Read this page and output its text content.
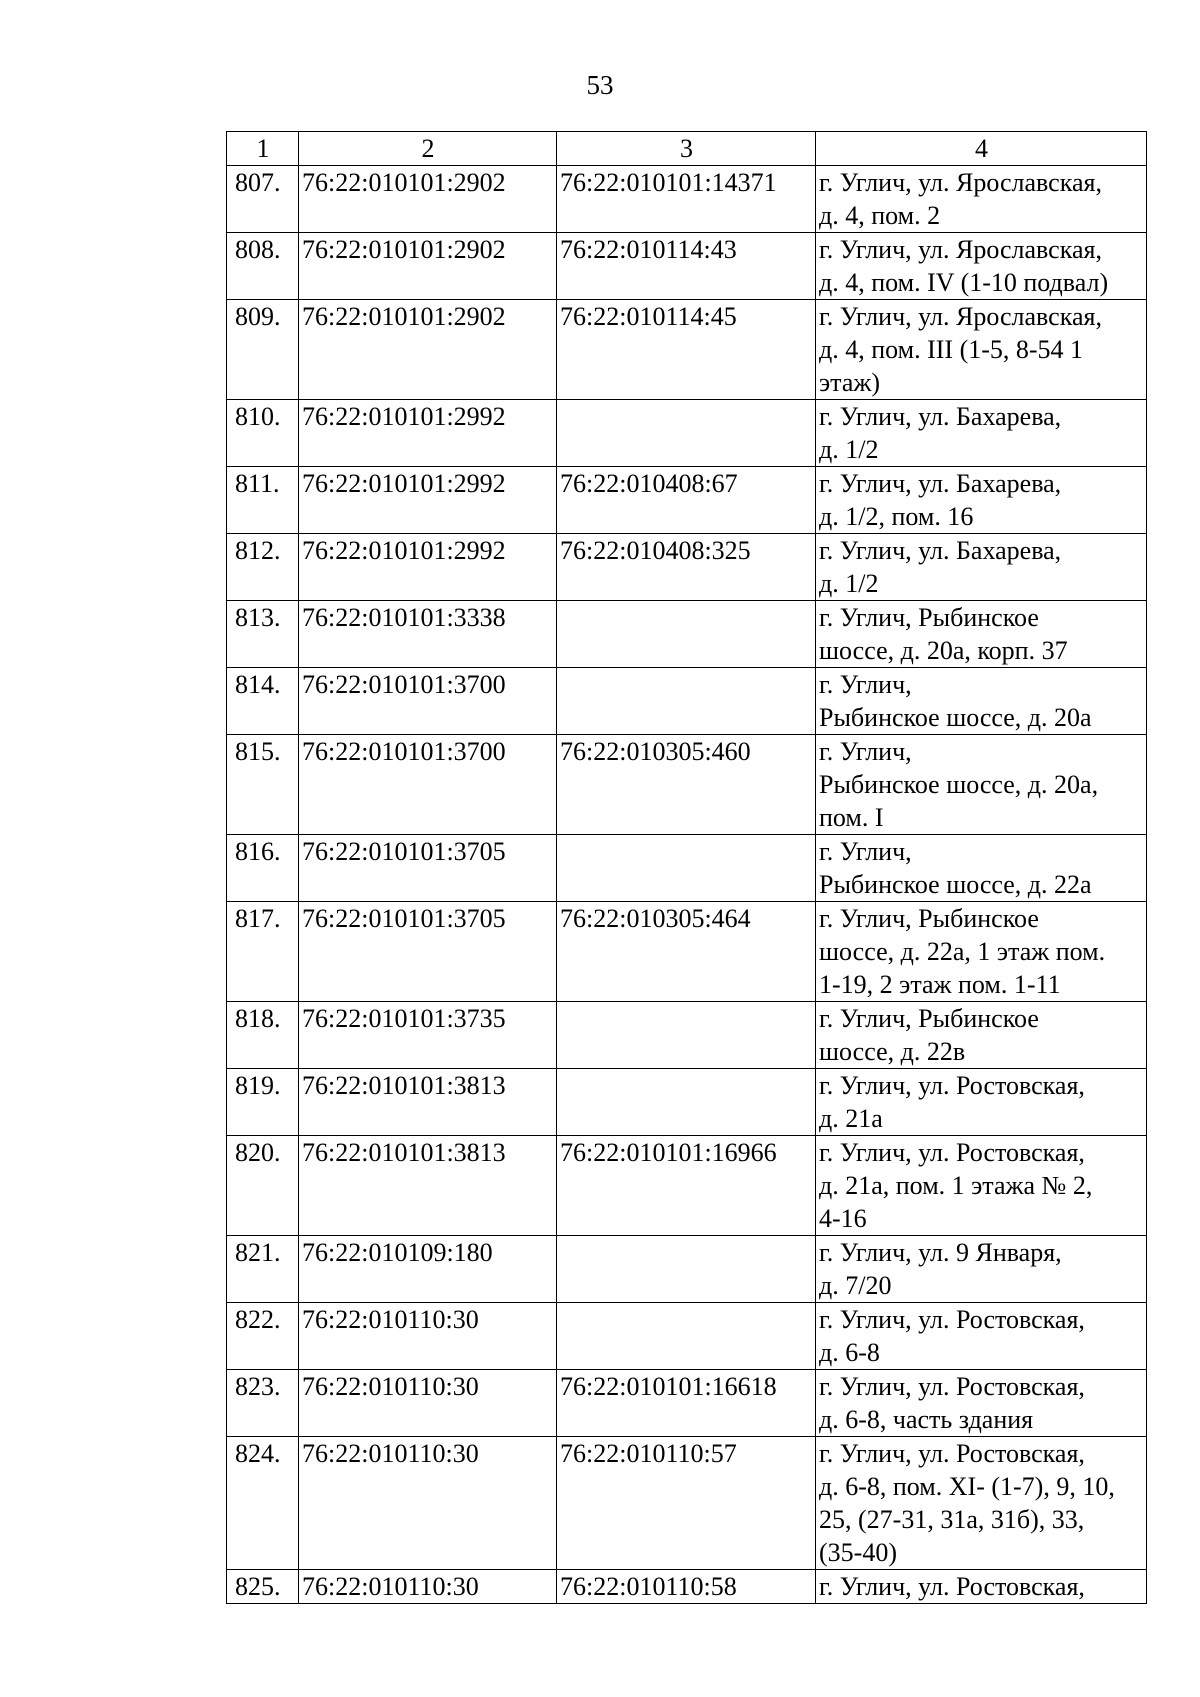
53
1	2	3	4
807.	76:22:010101:2902	76:22:010101:14371	г. Углич, ул. Ярославская,
д. 4, пом. 2

808.	76:22:010101:2902	76:22:010114:43	г. Углич, ул. Ярославская,
д. 4, пом. IV (1-10 подвал)

809.	76:22:010101:2902	76:22:010114:45	г. Углич, ул. Ярославская,
д. 4, пом. III (1-5, 8-54 1
этаж)

810.	76:22:010101:2992		г. Углич, ул. Бахарева,
д. 1/2

811.	76:22:010101:2992	76:22:010408:67	г. Углич, ул. Бахарева,
д. 1/2, пом. 16

812.	76:22:010101:2992	76:22:010408:325	г. Углич, ул. Бахарева,
д. 1/2

813.	76:22:010101:3338		г. Углич, Рыбинское
шоссе, д. 20а, корп. 37

814.	76:22:010101:3700		г. Углич,
Рыбинское шоссе, д. 20а

815.	76:22:010101:3700	76:22:010305:460	г. Углич,
Рыбинское шоссе, д. 20а,
пом. I

816.	76:22:010101:3705		г. Углич,
Рыбинское шоссе, д. 22а

817.	76:22:010101:3705	76:22:010305:464	г. Углич, Рыбинское
шоссе, д. 22а, 1 этаж пом.
1-19, 2 этаж пом. 1-11

818.	76:22:010101:3735		г. Углич, Рыбинское
шоссе, д. 22в

819.	76:22:010101:3813		г. Углич, ул. Ростовская,
д. 21а

820.	76:22:010101:3813	76:22:010101:16966	г. Углич, ул. Ростовская,
д. 21а, пом. 1 этажа № 2,
4-16

821.	76:22:010109:180		г. Углич, ул. 9 Января,
д. 7/20

822.	76:22:010110:30		г. Углич, ул. Ростовская,
д. 6-8

823.	76:22:010110:30	76:22:010101:16618	г. Углич, ул. Ростовская,
д. 6-8, часть здания

824.	76:22:010110:30	76:22:010110:57	г. Углич, ул. Ростовская,
д. 6-8, пом. XI- (1-7), 9, 10,
25, (27-31, 31а, 31б), 33,
(35-40)

825.	76:22:010110:30	76:22:010110:58	г. Углич, ул. Ростовская,
